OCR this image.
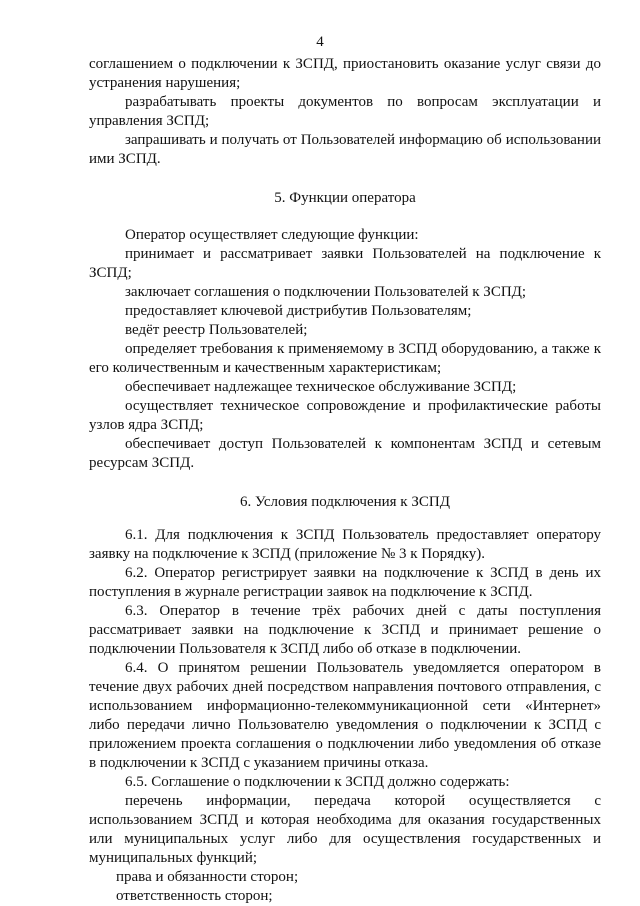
4
соглашением о подключении к ЗСПД, приостановить оказание услуг связи до устранения нарушения;
разрабатывать проекты документов по вопросам эксплуатации и управления ЗСПД;
запрашивать и получать от Пользователей информацию об использовании ими ЗСПД.
5. Функции оператора
Оператор осуществляет следующие функции:
принимает и рассматривает заявки Пользователей на подключение к ЗСПД;
заключает соглашения о подключении Пользователей к ЗСПД;
предоставляет ключевой дистрибутив Пользователям;
ведёт реестр Пользователей;
определяет требования к применяемому в ЗСПД оборудованию, а также к его количественным и качественным характеристикам;
обеспечивает надлежащее техническое обслуживание ЗСПД;
осуществляет техническое сопровождение и профилактические работы узлов ядра ЗСПД;
обеспечивает доступ Пользователей к компонентам ЗСПД и сетевым ресурсам ЗСПД.
6. Условия подключения к ЗСПД
6.1. Для подключения к ЗСПД Пользователь предоставляет оператору заявку на подключение к ЗСПД (приложение № 3 к Порядку).
6.2. Оператор регистрирует заявки на подключение к ЗСПД в день их поступления в журнале регистрации заявок на подключение к ЗСПД.
6.3. Оператор в течение трёх рабочих дней с даты поступления рассматривает заявки на подключение к ЗСПД и принимает решение о подключении Пользователя к ЗСПД либо об отказе в подключении.
6.4. О принятом решении Пользователь уведомляется оператором в течение двух рабочих дней посредством направления почтового отправления, с использованием информационно-телекоммуникационной сети «Интернет» либо передачи лично Пользователю уведомления о подключении к ЗСПД с приложением проекта соглашения о подключении либо уведомления об отказе в подключении к ЗСПД с указанием причины отказа.
6.5. Соглашение о подключении к ЗСПД должно содержать:
перечень информации, передача которой осуществляется с использованием ЗСПД и которая необходима для оказания государственных или муниципальных услуг либо для осуществления государственных и муниципальных функций;
права и обязанности сторон;
ответственность сторон;
